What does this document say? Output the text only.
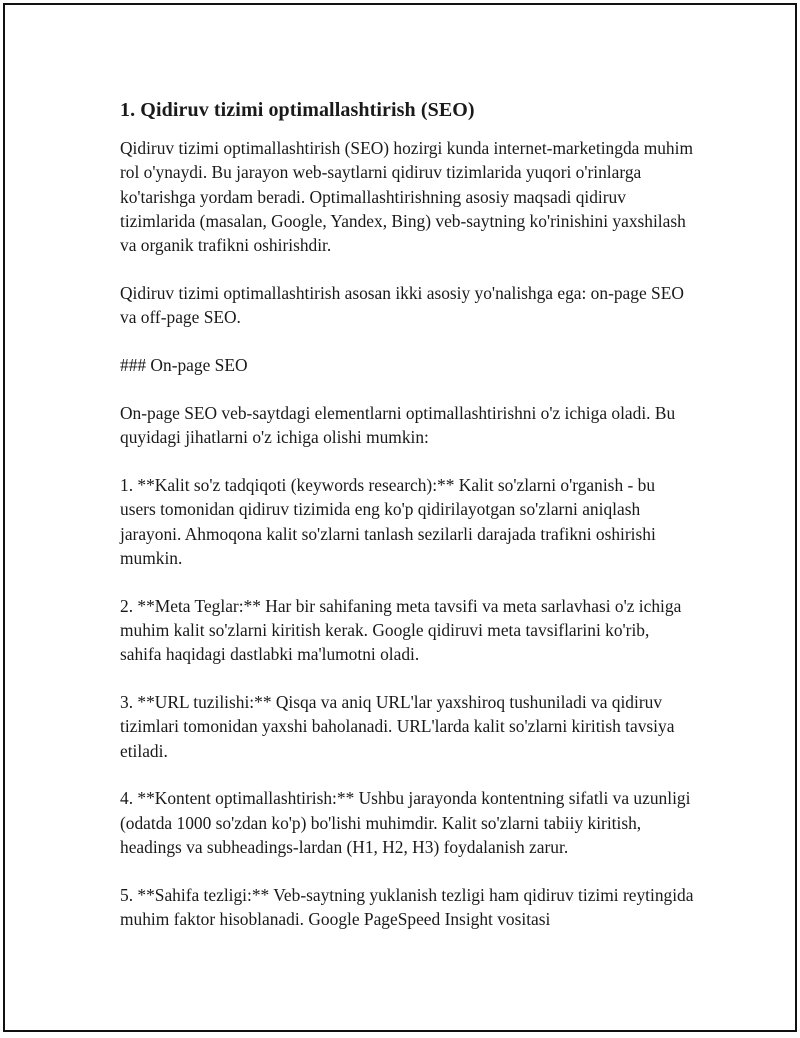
1. Qidiruv tizimi optimallashtirish (SEO)

Qidiruv tizimi optimallashtirish (SEO) hozirgi kunda internet-marketingda muhim rol o'ynaydi. Bu jarayon web-saytlarni qidiruv tizimlarida yuqori o'rinlarga ko'tarishga yordam beradi. Optimallashtirishning asosiy maqsadi qidiruv tizimlarida (masalan, Google, Yandex, Bing) veb-saytning ko'rinishini yaxshilash va organik trafikni oshirishdir.

Qidiruv tizimi optimallashtirish asosan ikki asosiy yo'nalishga ega: on-page SEO va off-page SEO.

### On-page SEO

On-page SEO veb-saytdagi elementlarni optimallashtirishni o'z ichiga oladi. Bu quyidagi jihatlarni o'z ichiga olishi mumkin:

1. **Kalit so'z tadqiqoti (keywords research):** Kalit so'zlarni o'rganish - bu users tomonidan qidiruv tizimida eng ko'p qidirilayotgan so'zlarni aniqlash jarayoni. Ahmoqona kalit so'zlarni tanlash sezilarli darajada trafikni oshirishi mumkin.

2. **Meta Teglar:** Har bir sahifaning meta tavsifi va meta sarlavhasi o'z ichiga muhim kalit so'zlarni kiritish kerak. Google qidiruvi meta tavsiflarini ko'rib, sahifa haqidagi dastlabki ma'lumotni oladi.

3. **URL tuzilishi:** Qisqa va aniq URL'lar yaxshiroq tushuniladi va qidiruv tizimlari tomonidan yaxshi baholanadi. URL'larda kalit so'zlarni kiritish tavsiya etiladi.

4. **Kontent optimallashtirish:** Ushbu jarayonda kontentning sifatli va uzunligi (odatda 1000 so'zdan ko'p) bo'lishi muhimdir. Kalit so'zlarni tabiiy kiritish, headings va subheadings-lardan (H1, H2, H3) foydalanish zarur.

5. **Sahifa tezligi:** Veb-saytning yuklanish tezligi ham qidiruv tizimi reytingida muhim faktor hisoblanadi. Google PageSpeed Insight vositasi
